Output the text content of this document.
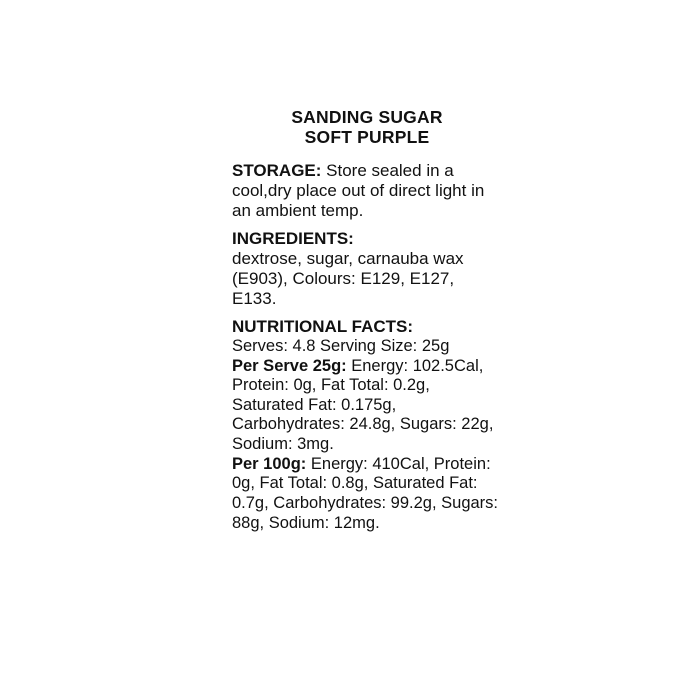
SANDING SUGAR
SOFT PURPLE

STORAGE: Store sealed in a cool,dry place out of direct light in an ambient temp.

INGREDIENTS:
dextrose, sugar, carnauba wax (E903), Colours: E129, E127, E133.
NUTRITIONAL FACTS:

Serves: 4.8 Serving Size: 25g

Per Serve 25g: Energy: 102.5Cal, Protein: 0g, Fat Total: 0.2g, Saturated Fat: 0.175g, Carbohydrates: 24.8g, Sugars: 22g, Sodium: 3mg.

Per 100g: Energy: 410Cal, Protein: 0g, Fat Total: 0.8g, Saturated Fat: 0.7g, Carbohydrates: 99.2g, Sugars: 88g, Sodium: 12mg.
